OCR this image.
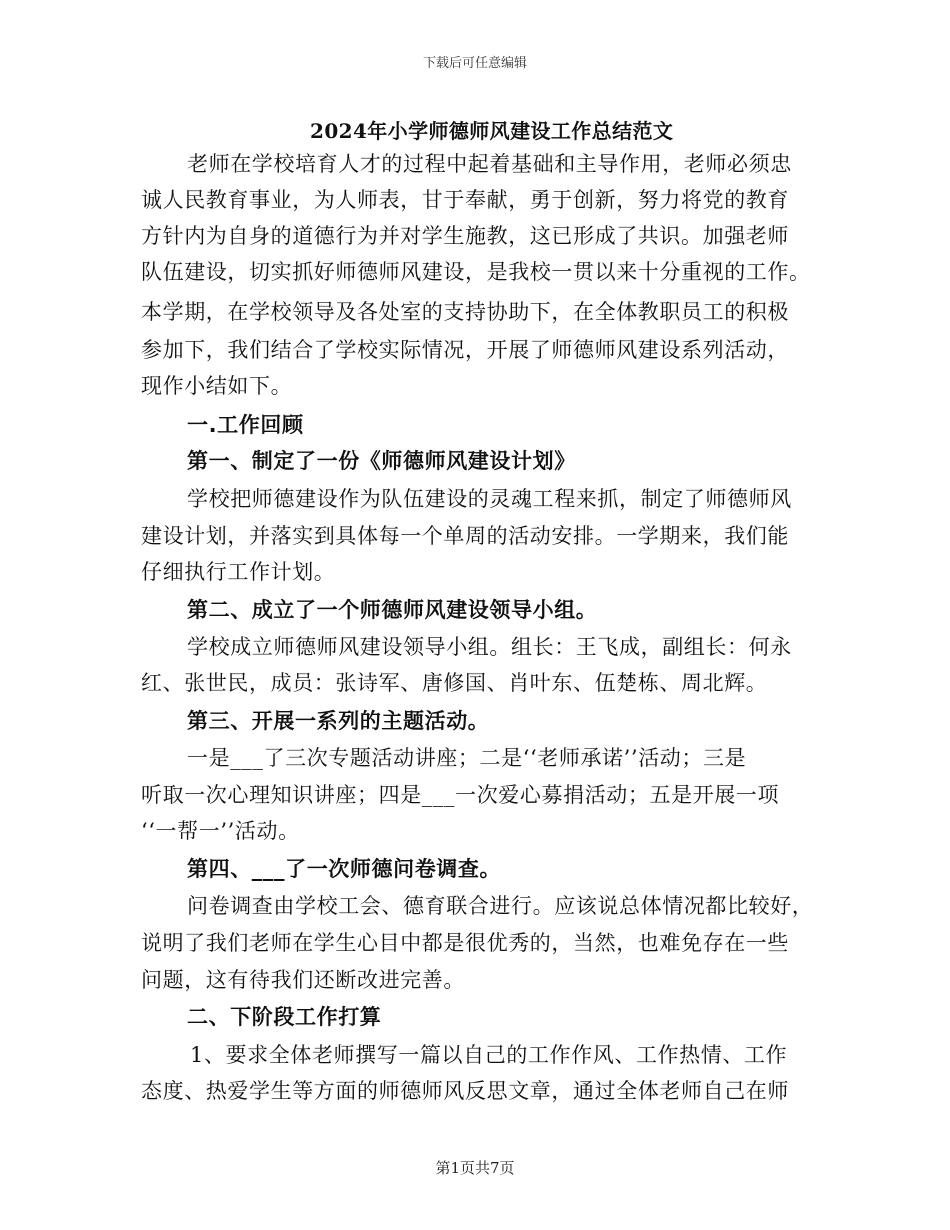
下载后可任意编辑
2024年小学师德师风建设工作总结范文
老师在学校培育人才的过程中起着基础和主导作用，老师必须忠
诚人民教育事业，为人师表，甘于奉献，勇于创新，努力将党的教育
方针内为自身的道德行为并对学生施教，这已形成了共识。加强老师
队伍建设，切实抓好师德师风建设，是我校一贯以来十分重视的工作。
本学期，在学校领导及各处室的支持协助下，在全体教职员工的积极
参加下，我们结合了学校实际情况，开展了师德师风建设系列活动，
现作小结如下。
一.工作回顾
第一、制定了一份《师德师风建设计划》
学校把师德建设作为队伍建设的灵魂工程来抓，制定了师德师风
建设计划，并落实到具体每一个单周的活动安排。一学期来，我们能
仔细执行工作计划。
第二、成立了一个师德师风建设领导小组。
学校成立师德师风建设领导小组。组长：王飞成，副组长：何永
红、张世民，成员：张诗军、唐修国、肖叶东、伍楚栋、周北辉。
第三、开展一系列的主题活动。
一是___了三次专题活动讲座；二是‘‘老师承诺’’活动；三是
听取一次心理知识讲座；四是___一次爱心募捐活动；五是开展一项
‘‘一帮一’’活动。
第四、___了一次师德问卷调查。
问卷调查由学校工会、德育联合进行。应该说总体情况都比较好，
说明了我们老师在学生心目中都是很优秀的，当然，也难免存在一些
问题，这有待我们还断改进完善。
二、下阶段工作打算
1、要求全体老师撰写一篇以自己的工作作风、工作热情、工作
态度、热爱学生等方面的师德师风反思文章，通过全体老师自己在师
第1页共7页
